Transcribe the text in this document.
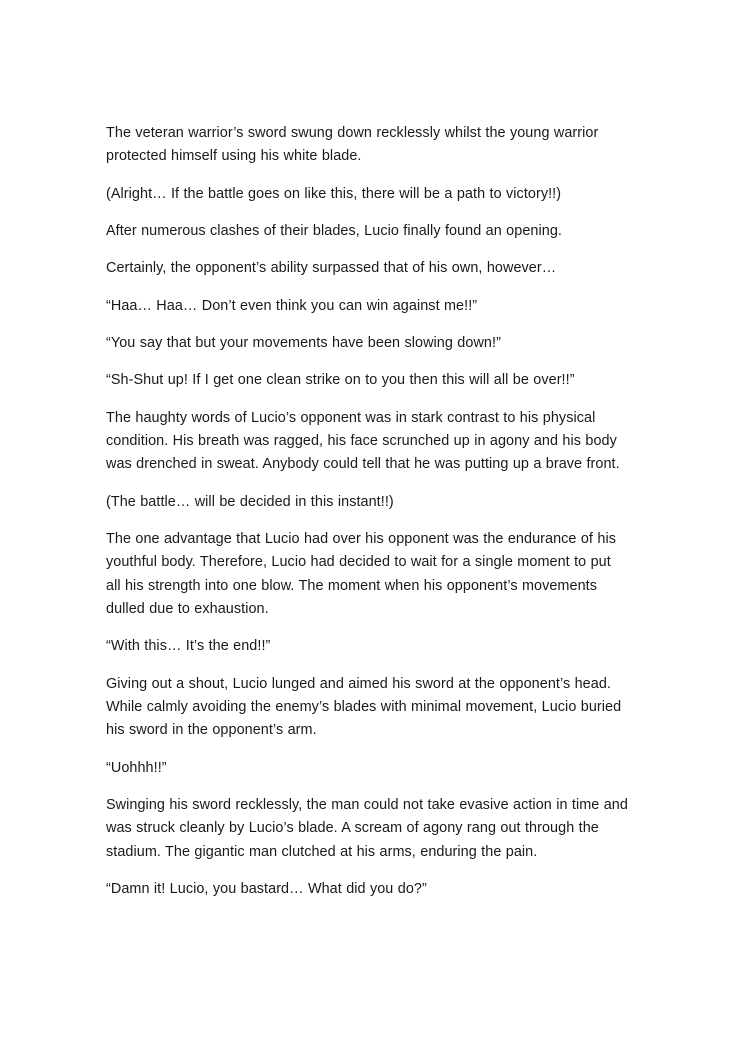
The veteran warrior’s sword swung down recklessly whilst the young warrior protected himself using his white blade.

(Alright… If the battle goes on like this, there will be a path to victory!!)

After numerous clashes of their blades, Lucio finally found an opening.

Certainly, the opponent’s ability surpassed that of his own, however…

“Haa… Haa… Don’t even think you can win against me!!”

“You say that but your movements have been slowing down!”

“Sh-Shut up! If I get one clean strike on to you then this will all be over!!”

The haughty words of Lucio’s opponent was in stark contrast to his physical condition. His breath was ragged, his face scrunched up in agony and his body was drenched in sweat. Anybody could tell that he was putting up a brave front.

(The battle… will be decided in this instant!!)

The one advantage that Lucio had over his opponent was the endurance of his youthful body. Therefore, Lucio had decided to wait for a single moment to put all his strength into one blow. The moment when his opponent’s movements dulled due to exhaustion.

“With this… It’s the end!!”

Giving out a shout, Lucio lunged and aimed his sword at the opponent’s head. While calmly avoiding the enemy’s blades with minimal movement, Lucio buried his sword in the opponent’s arm.

“Uohhh!!”

Swinging his sword recklessly, the man could not take evasive action in time and was struck cleanly by Lucio’s blade. A scream of agony rang out through the stadium. The gigantic man clutched at his arms, enduring the pain.

“Damn it! Lucio, you bastard… What did you do?”
